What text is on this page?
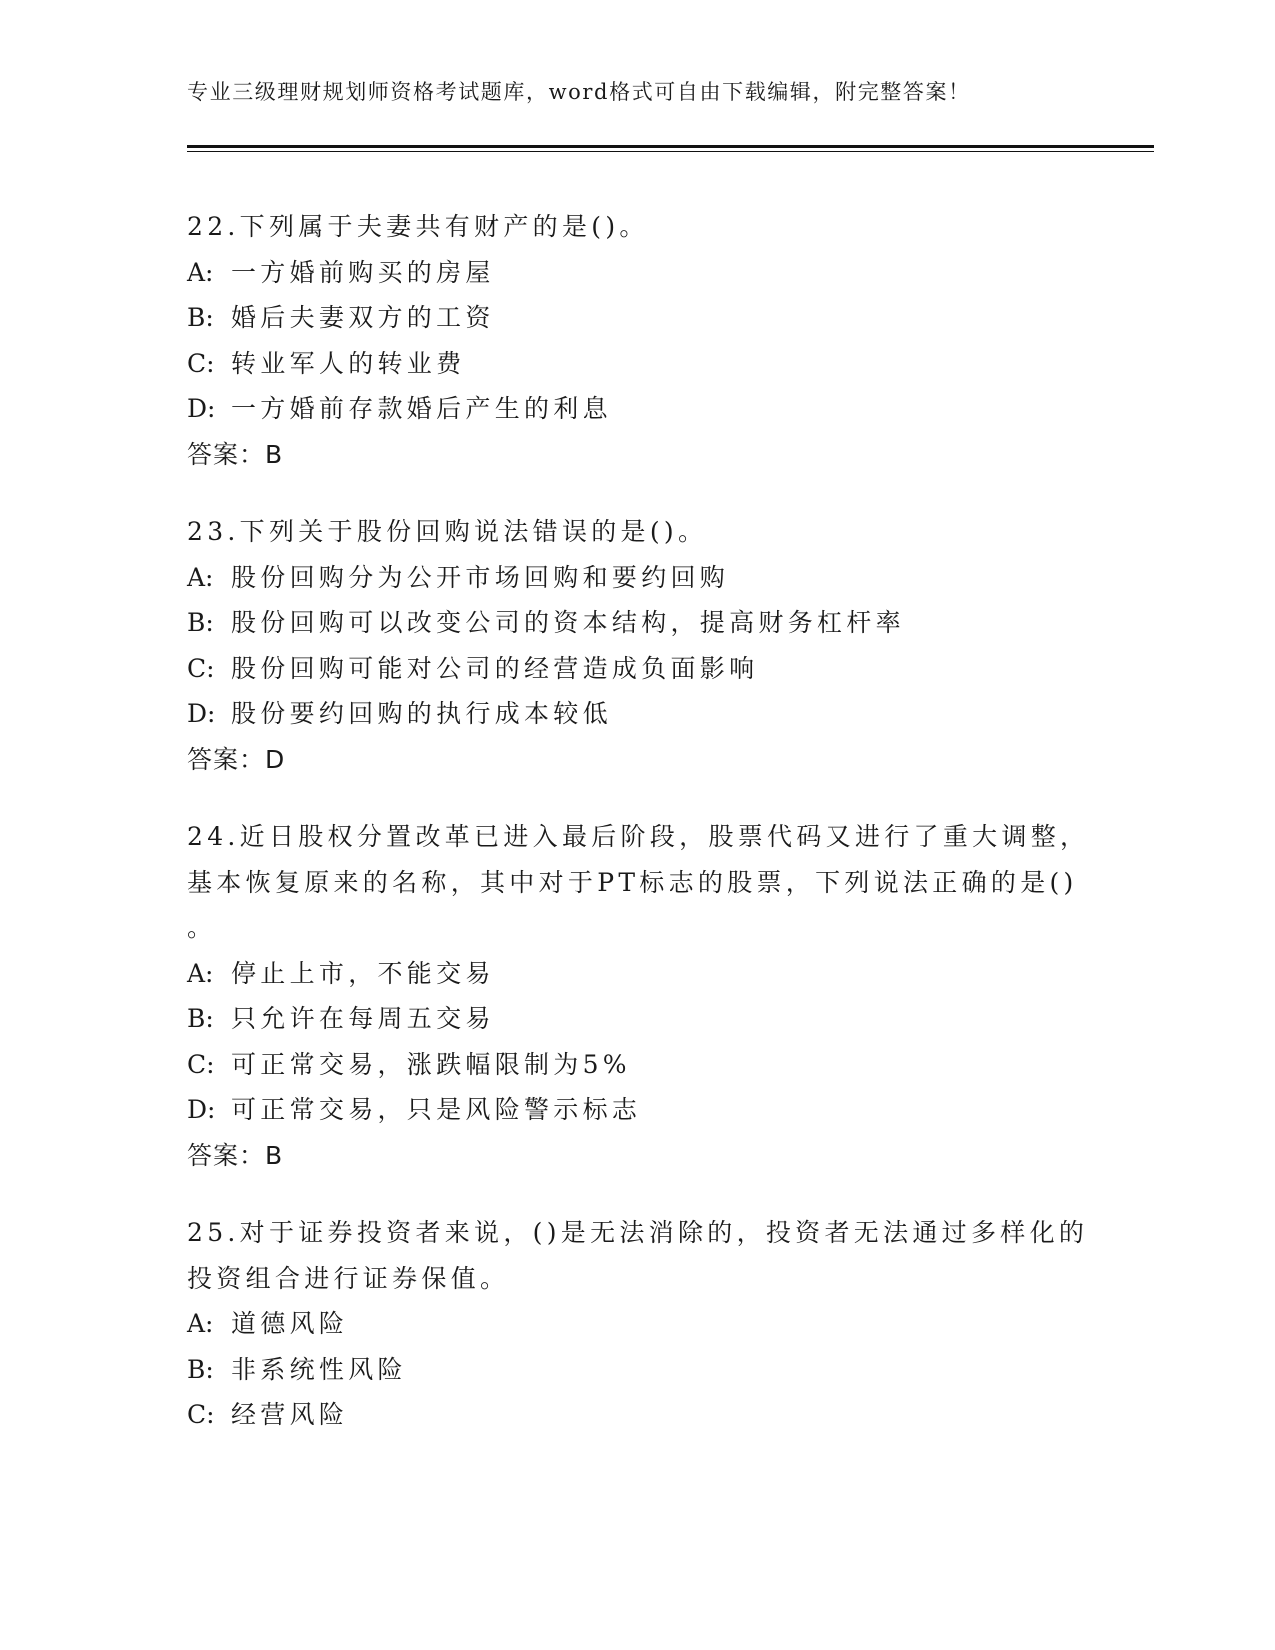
专业三级理财规划师资格考试题库，word格式可自由下载编辑，附完整答案！
22.下列属于夫妻共有财产的是()。
A: 一方婚前购买的房屋
B: 婚后夫妻双方的工资
C: 转业军人的转业费
D: 一方婚前存款婚后产生的利息
答案：B
23.下列关于股份回购说法错误的是()。
A: 股份回购分为公开市场回购和要约回购
B: 股份回购可以改变公司的资本结构，提高财务杠杆率
C: 股份回购可能对公司的经营造成负面影响
D: 股份要约回购的执行成本较低
答案：D
24.近日股权分置改革已进入最后阶段，股票代码又进行了重大调整，
基本恢复原来的名称，其中对于PT标志的股票，下列说法正确的是()
。
A: 停止上市，不能交易
B: 只允许在每周五交易
C: 可正常交易，涨跌幅限制为5%
D: 可正常交易，只是风险警示标志
答案：B
25.对于证券投资者来说，()是无法消除的，投资者无法通过多样化的
投资组合进行证券保值。
A: 道德风险
B: 非系统性风险
C: 经营风险
